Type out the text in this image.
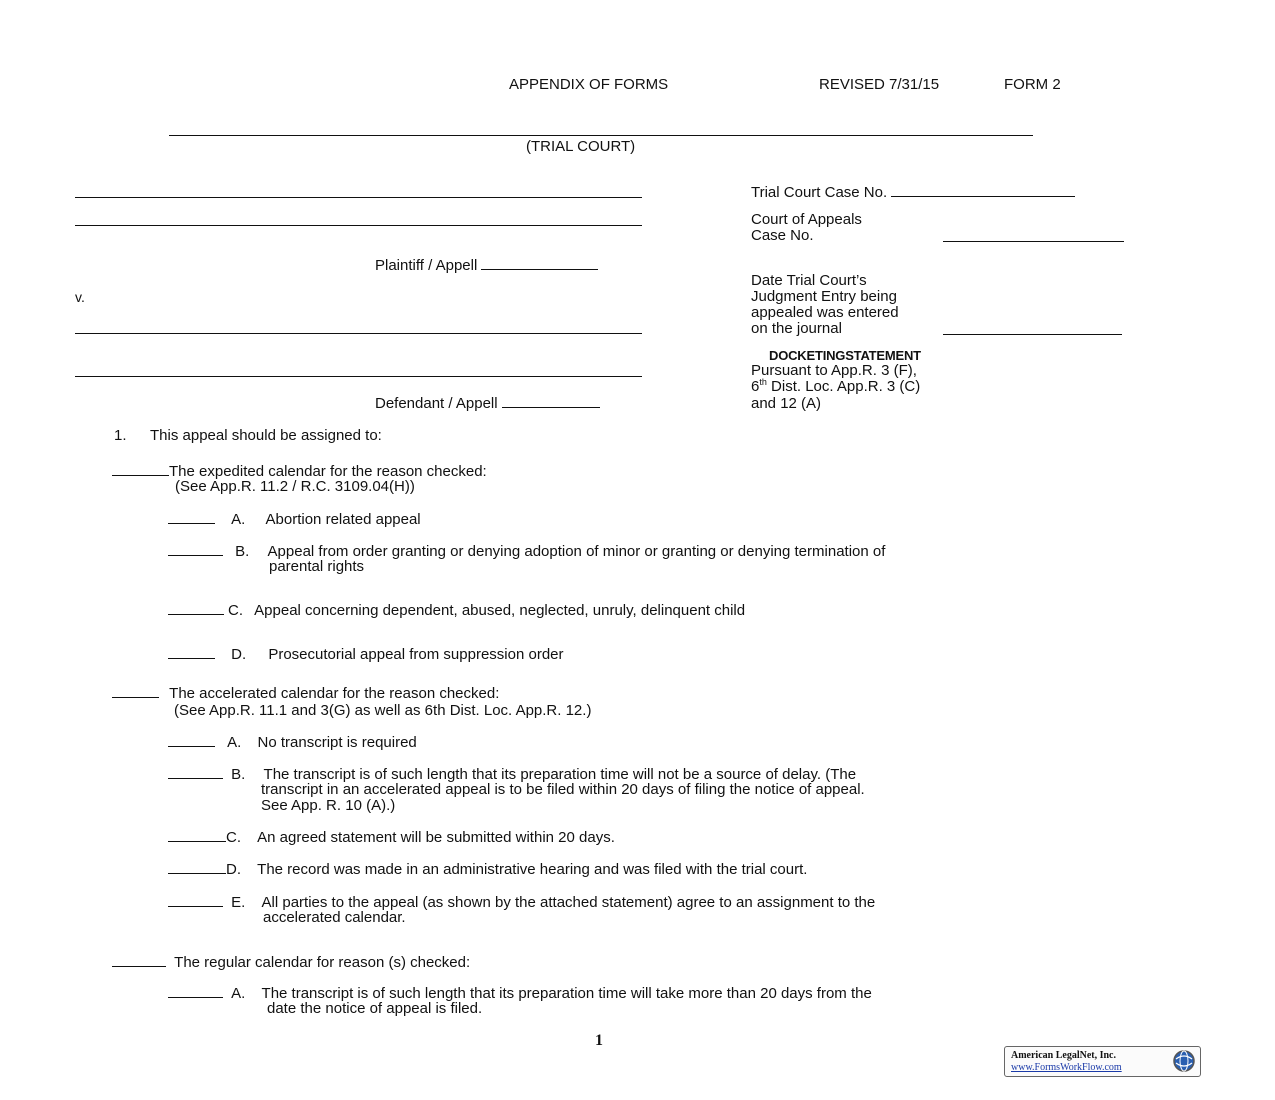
APPENDIX OF FORMS	REVISED 7/31/15	FORM 2
(TRIAL COURT)
Plaintiff / Appell
v.
Defendant / Appell
Trial Court Case No.
Court of Appeals
Case No.
Date Trial Court’s
Judgment Entry being
appealed was entered
on the journal
DOCKETINGSTATEMENT
Pursuant to App.R. 3 (F),
6th Dist. Loc. App.R. 3 (C)
and 12 (A)
1. This appeal should be assigned to:
The expedited calendar for the reason checked:
(See App.R. 11.2 / R.C. 3109.04(H))
A. Abortion related appeal
B. Appeal from order granting or denying adoption of minor or granting or denying termination of
parental rights
C. Appeal concerning dependent, abused, neglected, unruly, delinquent child
D. Prosecutorial appeal from suppression order
The accelerated calendar for the reason checked:
(See App.R. 11.1 and 3(G) as well as 6th Dist. Loc. App.R. 12.)
A. No transcript is required
B. The transcript is of such length that its preparation time will not be a source of delay. (The
transcript in an accelerated appeal is to be filed within 20 days of filing the notice of appeal.
See App. R. 10 (A).)
C. An agreed statement will be submitted within 20 days.
D. The record was made in an administrative hearing and was filed with the trial court.
E. All parties to the appeal (as shown by the attached statement) agree to an assignment to the
accelerated calendar.
The regular calendar for reason (s) checked:
A. The transcript is of such length that its preparation time will take more than 20 days from the
date the notice of appeal is filed.
1
American LegalNet, Inc.
www.FormsWorkFlow.com
